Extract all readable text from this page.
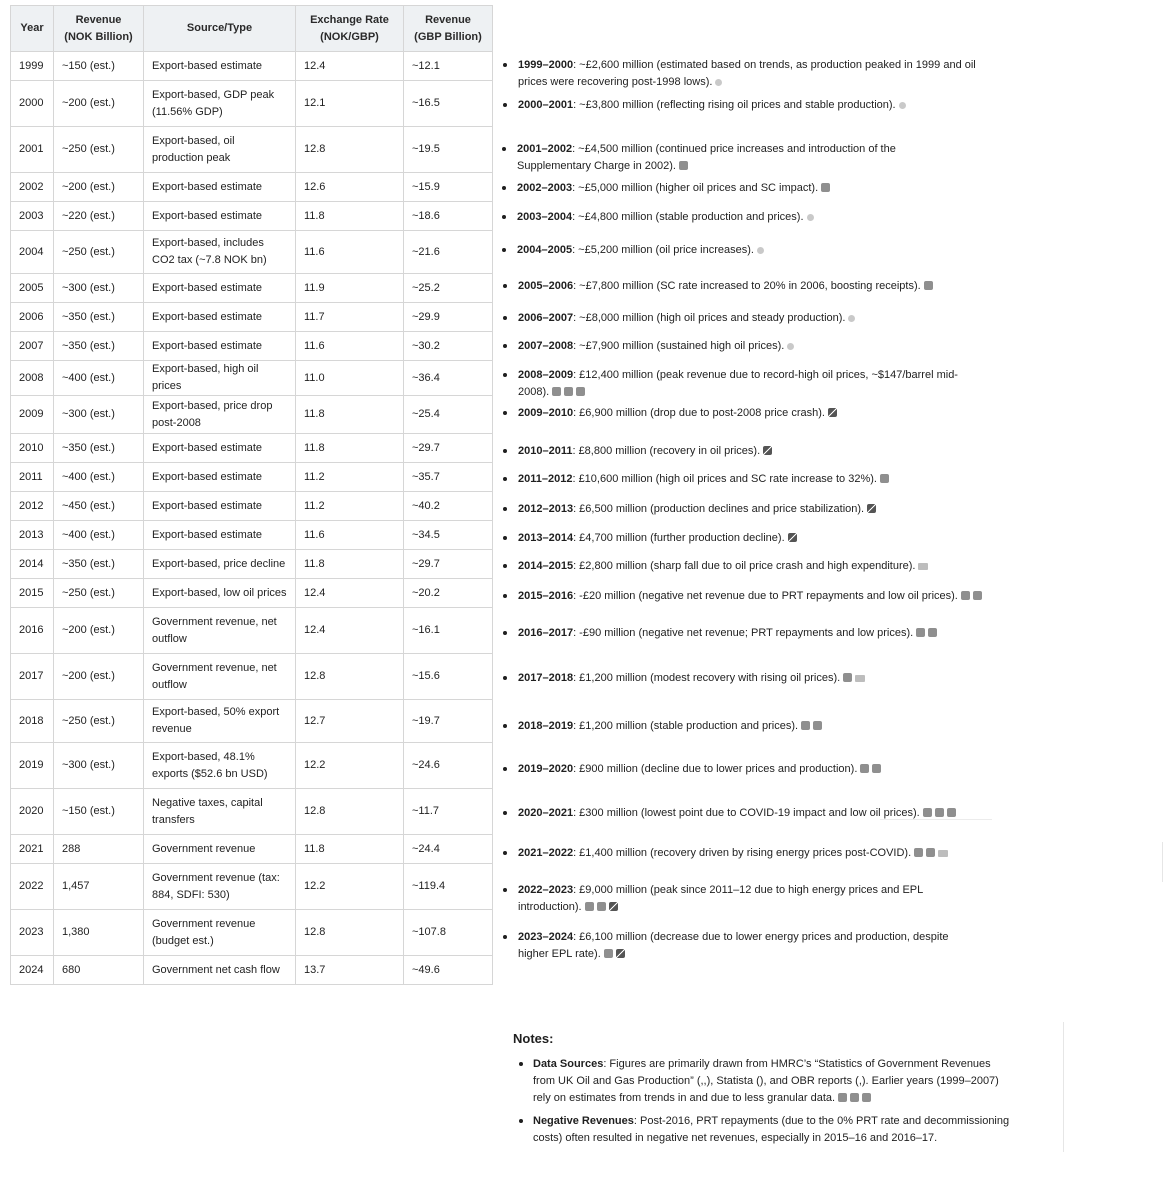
Year	Revenue (NOK Billion)	Source/Type	Exchange Rate (NOK/GBP)	Revenue (GBP Billion)
1999	~150 (est.)	Export-based estimate	12.4	~12.1
2000	~200 (est.)	Export-based, GDP peak (11.56% GDP)	12.1	~16.5
2001	~250 (est.)	Export-based, oil production peak	12.8	~19.5
2002	~200 (est.)	Export-based estimate	12.6	~15.9
2003	~220 (est.)	Export-based estimate	11.8	~18.6
2004	~250 (est.)	Export-based, includes CO2 tax (~7.8 NOK bn)	11.6	~21.6
2005	~300 (est.)	Export-based estimate	11.9	~25.2
2006	~350 (est.)	Export-based estimate	11.7	~29.9
2007	~350 (est.)	Export-based estimate	11.6	~30.2
2008	~400 (est.)	Export-based, high oil prices	11.0	~36.4
2009	~300 (est.)	Export-based, price drop post-2008	11.8	~25.4
2010	~350 (est.)	Export-based estimate	11.8	~29.7
2011	~400 (est.)	Export-based estimate	11.2	~35.7
2012	~450 (est.)	Export-based estimate	11.2	~40.2
2013	~400 (est.)	Export-based estimate	11.6	~34.5
2014	~350 (est.)	Export-based, price decline	11.8	~29.7
2015	~250 (est.)	Export-based, low oil prices	12.4	~20.2
2016	~200 (est.)	Government revenue, net outflow	12.4	~16.1
2017	~200 (est.)	Government revenue, net outflow	12.8	~15.6
2018	~250 (est.)	Export-based, 50% export revenue	12.7	~19.7
2019	~300 (est.)	Export-based, 48.1% exports ($52.6 bn USD)	12.2	~24.6
2020	~150 (est.)	Negative taxes, capital transfers	12.8	~11.7
2021	288	Government revenue	11.8	~24.4
2022	1,457	Government revenue (tax: 884, SDFI: 530)	12.2	~119.4
2023	1,380	Government revenue (budget est.)	12.8	~107.8
2024	680	Government net cash flow	13.7	~49.6
1999–2000: ~£2,600 million (estimated based on trends, as production peaked in 1999 and oil prices were recovering post-1998 lows).
2000–2001: ~£3,800 million (reflecting rising oil prices and stable production).
2001–2002: ~£4,500 million (continued price increases and introduction of the Supplementary Charge in 2002).
2002–2003: ~£5,000 million (higher oil prices and SC impact).
2003–2004: ~£4,800 million (stable production and prices).
2004–2005: ~£5,200 million (oil price increases).
2005–2006: ~£7,800 million (SC rate increased to 20% in 2006, boosting receipts).
2006–2007: ~£8,000 million (high oil prices and steady production).
2007–2008: ~£7,900 million (sustained high oil prices).
2008–2009: £12,400 million (peak revenue due to record-high oil prices, ~$147/barrel mid-2008).
2009–2010: £6,900 million (drop due to post-2008 price crash).
2010–2011: £8,800 million (recovery in oil prices).
2011–2012: £10,600 million (high oil prices and SC rate increase to 32%).
2012–2013: £6,500 million (production declines and price stabilization).
2013–2014: £4,700 million (further production decline).
2014–2015: £2,800 million (sharp fall due to oil price crash and high expenditure).
2015–2016: -£20 million (negative net revenue due to PRT repayments and low oil prices).
2016–2017: -£90 million (negative net revenue; PRT repayments and low prices).
2017–2018: £1,200 million (modest recovery with rising oil prices).
2018–2019: £1,200 million (stable production and prices).
2019–2020: £900 million (decline due to lower prices and production).
2020–2021: £300 million (lowest point due to COVID-19 impact and low oil prices).
2021–2022: £1,400 million (recovery driven by rising energy prices post-COVID).
2022–2023: £9,000 million (peak since 2011–12 due to high energy prices and EPL introduction).
2023–2024: £6,100 million (decrease due to lower energy prices and production, despite higher EPL rate).
Notes:
Data Sources: Figures are primarily drawn from HMRC’s “Statistics of Government Revenues from UK Oil and Gas Production” (,,), Statista (), and OBR reports (,). Earlier years (1999–2007) rely on estimates from trends in and due to less granular data.
Negative Revenues: Post-2016, PRT repayments (due to the 0% PRT rate and decommissioning costs) often resulted in negative net revenues, especially in 2015–16 and 2016–17.
